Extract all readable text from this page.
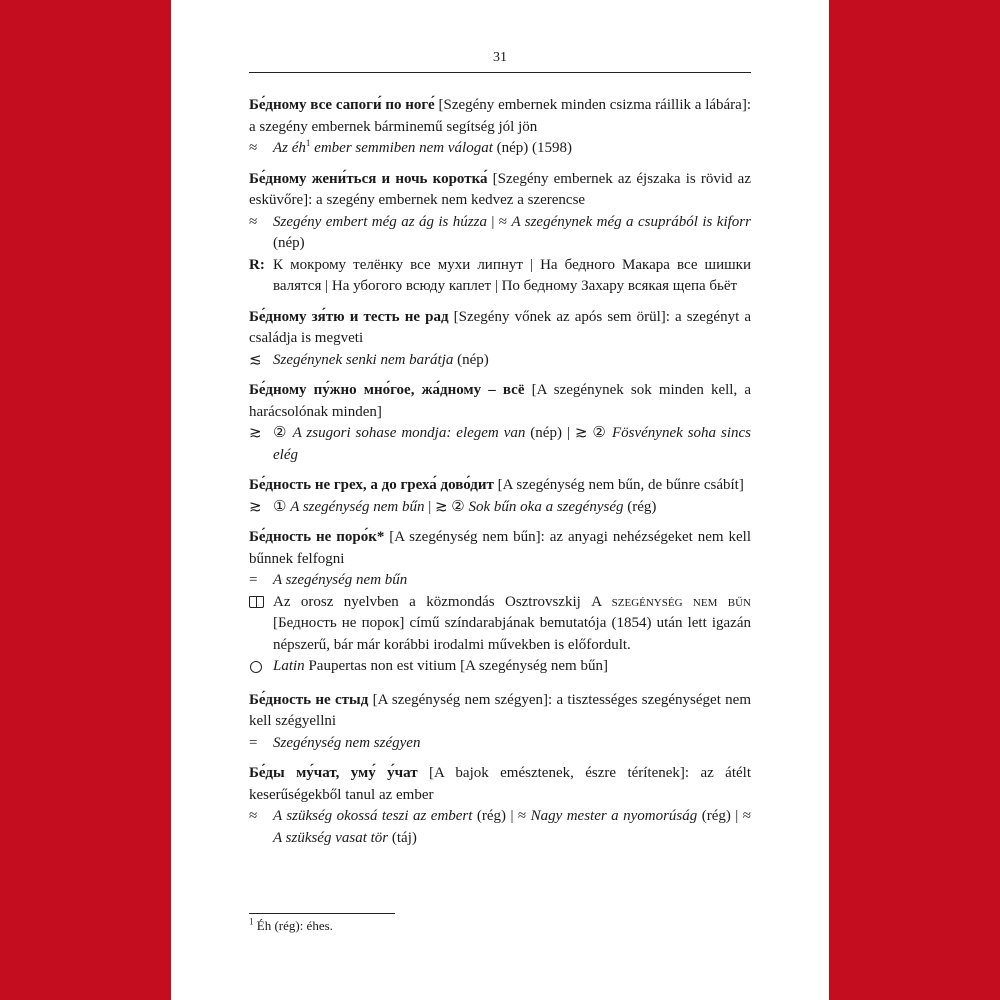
31
Бе́дному все сапоги́ по ноге́ [Szegény embernek minden csizma ráillik a lábára]: a szegény embernek bárminemű segítség jól jön
≈	Az $éh^1$ ember semmiben nem válogat (nép) (1598)
Бе́дному жени́ться и ночь коротка́ [Szegény embernek az éjszaka is rövid az esküvőre]: a szegény embernek nem kedvez a szerencse
≈	Szegény embert még az ág is húzza | ≈ A szegénynek még a csuprából is kiforr (nép)
R: К мокрому телёнку все мухи липнут | На бедного Макара все шишки валятся | На убогого всюду каплет | По бедному Захару всякая щепа бьёт
Бе́дному зя́тю и тесть не рад [Szegény vőnek az após sem örül]: a szegényt a családja is megveti
≲ Szegénynek senki nem barátja (nép)
Бе́дному пу́жно мно́гое, жа́дному – всё [A szegénynek sok minden kell, a harácsolónak minden]
≳ ② A zsugori sohase mondja: elegem van (nép) | ≳ ② Fösvénynek soha sincs elég
Бе́дность не грех, а до греха́ дово́дит [A szegénység nem bűn, de bűnre csábít]
≳ ① A szegénység nem bűn | ≳ ② Sok bűn oka a szegénység (rég)
Бе́дность не поро́к* [A szegénység nem bűn]: az anyagi nehézségeket nem kell bűnnek felfogni
=	A szegénység nem bűn
Az orosz nyelvben a közmondás Osztrovszkij A szegénység nem bűn [Бедность не порок] című színdarabjának bemutatója (1854) után lett igazán népszerű, bár már korábbi irodalmi művekben is előfordult.
Latin Paupertas non est vitium [A szegénység nem bűn]
Бе́дность не стыд [A szegénység nem szégyen]: a tisztességes szegénységet nem kell szégyellni
=	Szegénység nem szégyen
Бе́ды му́чат, уму́ у́чат [A bajok emésztenek, észre térítenek]: az átélt keserűségekből tanul az ember
≈	A szükség okossá teszi az embert (rég) | ≈ Nagy mester a nyomorúság (rég) | ≈ A szükség vasat tör (táj)
$^1$ Éh (rég): éhes.
